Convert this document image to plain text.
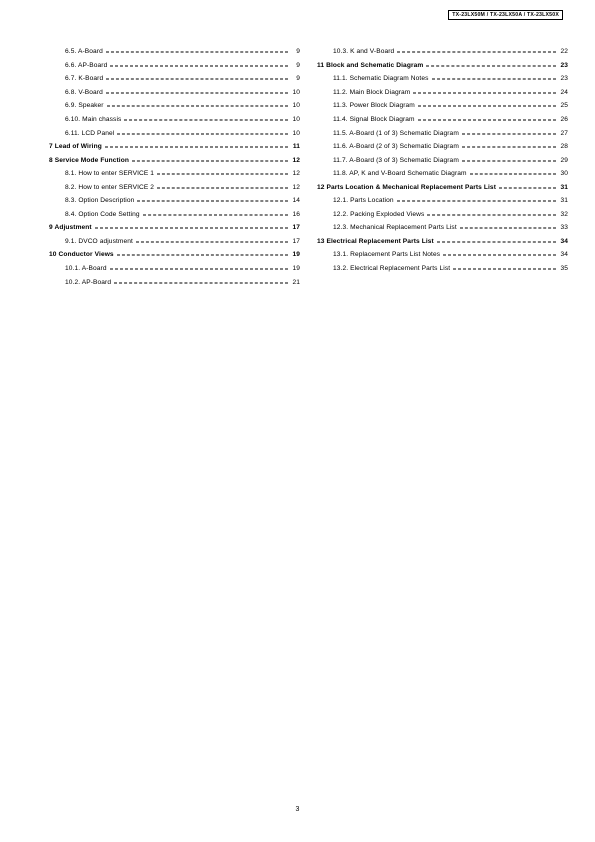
TX-23LX50M / TX-23LX50A / TX-23LX50X
6.5. A-Board	9
6.6. AP-Board	9
6.7. K-Board	9
6.8. V-Board	10
6.9. Speaker	10
6.10. Main chassis	10
6.11. LCD Panel	10
7 Lead of Wiring	11
8 Service Mode Function	12
8.1. How to enter SERVICE 1	12
8.2. How to enter SERVICE 2	12
8.3. Option Description	14
8.4. Option Code Setting	16
9 Adjustment	17
9.1. DVCO adjustment	17
10 Conductor Views	19
10.1. A-Board	19
10.2. AP-Board	21
10.3. K and V-Board	22
11 Block and Schematic Diagram	23
11.1. Schematic Diagram Notes	23
11.2. Main Block Diagram	24
11.3. Power Block Diagram	25
11.4. Signal Block Diagram	26
11.5. A-Board (1 of 3) Schematic Diagram	27
11.6. A-Board (2 of 3) Schematic Diagram	28
11.7. A-Board (3 of 3) Schematic Diagram	29
11.8. AP, K and V-Board Schematic Diagram	30
12 Parts Location & Mechanical Replacement Parts List	31
12.1. Parts Location	31
12.2. Packing Exploded Views	32
12.3. Mechanical Replacement Parts List	33
13 Electrical Replacement Parts List	34
13.1. Replacement Parts List Notes	34
13.2. Electrical Replacement Parts List	35
3
